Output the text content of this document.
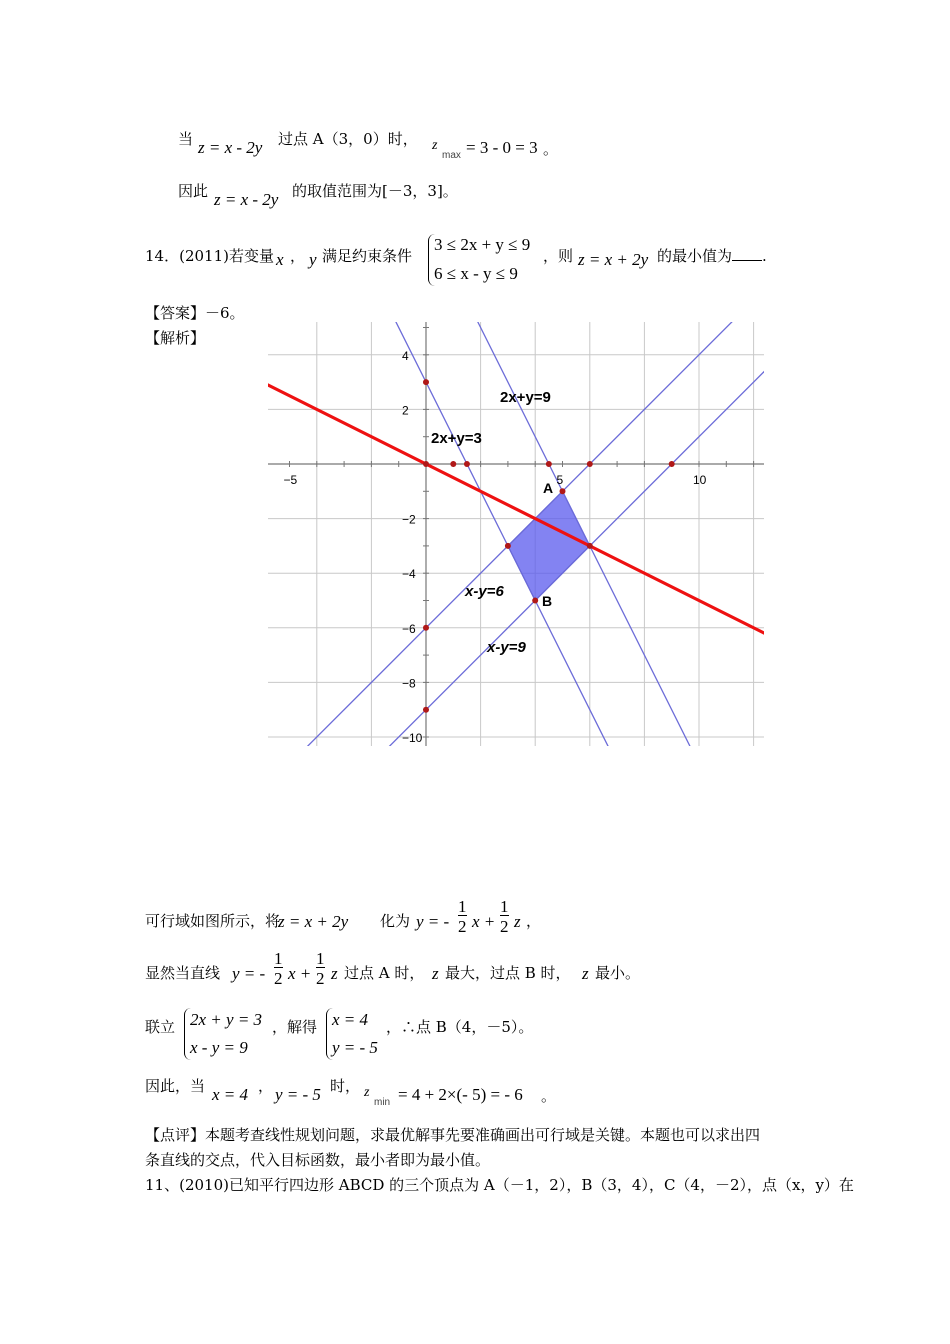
当 z = x - 2y 过点 A（3，0）时， z
max = 3 - 0 = 3 。
因此 z = x - 2y 的取值范围为[－3，3]。
14．(2011)若变量 x ， y 满足约束条件
3 ≤ 2x + y ≤ 9
6 ≤ x - y ≤ 9
，则 z = x + 2y 的最小值为 .
【答案】－6。
【解析】
−5	5	10
4
2
−2
−4
−6
−8
−10
2x+y=9
2x+y=3
x-y=6
x-y=9
A
B
可行域如图所示，将
z = x + 2y 化为 y = - $\frac{1}{2}$ $x + \frac{1}{2}$ z ，
显然当直线 y = - $\frac{1}{2}$ $x + \frac{1}{2}$ z 过点 A 时， z 最大，过点 B 时， z 最小。
联立 2x + y = 3
x - y = 9
，解得 x = 4
y = - 5
，∴点 B（4，－5）。
因此，当 x = 4 ， y = - 5 时， z
min = 4 + 2×(- 5) = - 6 。
【点评】本题考查线性规划问题，求最优解事先要准确画出可行域是关键。本题也可以求出四
条直线的交点，代入目标函数，最小者即为最小值。
11、(2010)已知平行四边形 ABCD 的三个顶点为 A（－1，2），B（3，4），C（4，－2），点（x，y）在
